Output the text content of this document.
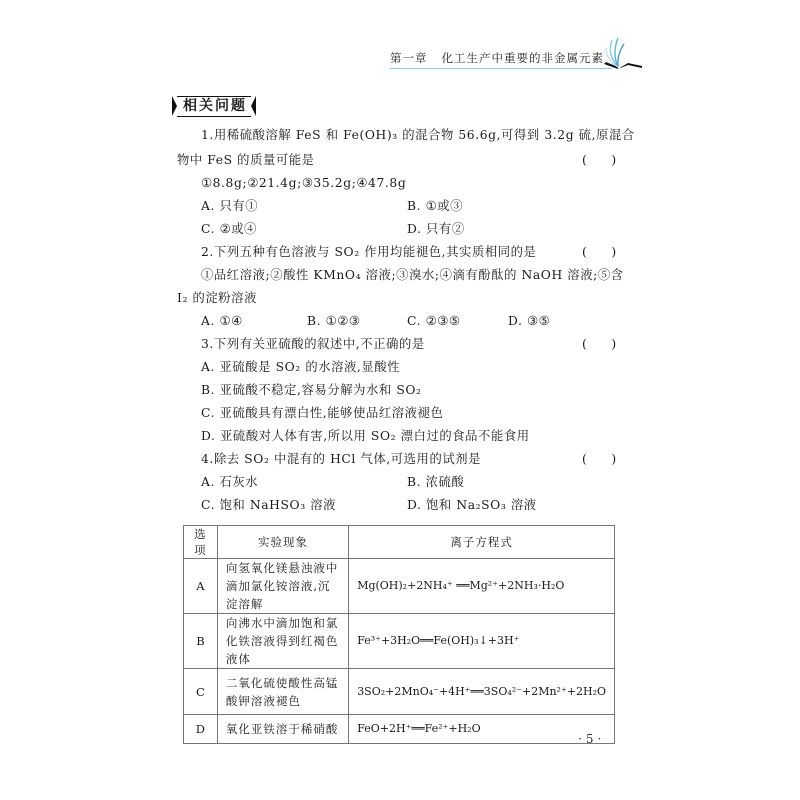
第一章 化工生产中重要的非金属元素
相关问题
1.用稀硫酸溶解 FeS 和 Fe(OH)₃ 的混合物 56.6g,可得到 3.2g 硫,原混合
物中 FeS 的质量可能是	(　　)
①8.8g;②21.4g;③35.2g;④47.8g
A. 只有①	B. ①或③
C. ②或④	D. 只有②
2.下列五种有色溶液与 SO₂ 作用均能褪色,其实质相同的是	(　　)
①品红溶液;②酸性 KMnO₄ 溶液;③溴水;④滴有酚酞的 NaOH 溶液;⑤含
I₂ 的淀粉溶液
A. ①④	B. ①②③	C. ②③⑤	D. ③⑤
3.下列有关亚硫酸的叙述中,不正确的是	(　　)
A. 亚硫酸是 SO₂ 的水溶液,显酸性
B. 亚硫酸不稳定,容易分解为水和 SO₂
C. 亚硫酸具有漂白性,能够使品红溶液褪色
D. 亚硫酸对人体有害,所以用 SO₂ 漂白过的食品不能食用
4.除去 SO₂ 中混有的 HCl 气体,可选用的试剂是	(　　)
A. 石灰水	B. 浓硫酸
C. 饱和 NaHSO₃ 溶液	D. 饱和 Na₂SO₃ 溶液
选项	实验现象	离子方程式
A	向氢氧化镁悬浊液中滴加氯化铵溶液,沉淀溶解	Mg(OH)₂+2NH₄⁺ ══Mg²⁺+2NH₃·H₂O
B	向沸水中滴加饱和氯化铁溶液得到红褐色液体	Fe³⁺+3H₂O══Fe(OH)₃↓+3H⁺
C	二氧化硫使酸性高锰酸钾溶液褪色	3SO₂+2MnO₄⁻+4H⁺══3SO₄²⁻+2Mn²⁺+2H₂O
D	氧化亚铁溶于稀硝酸	FeO+2H⁺══Fe²⁺+H₂O
·5·
